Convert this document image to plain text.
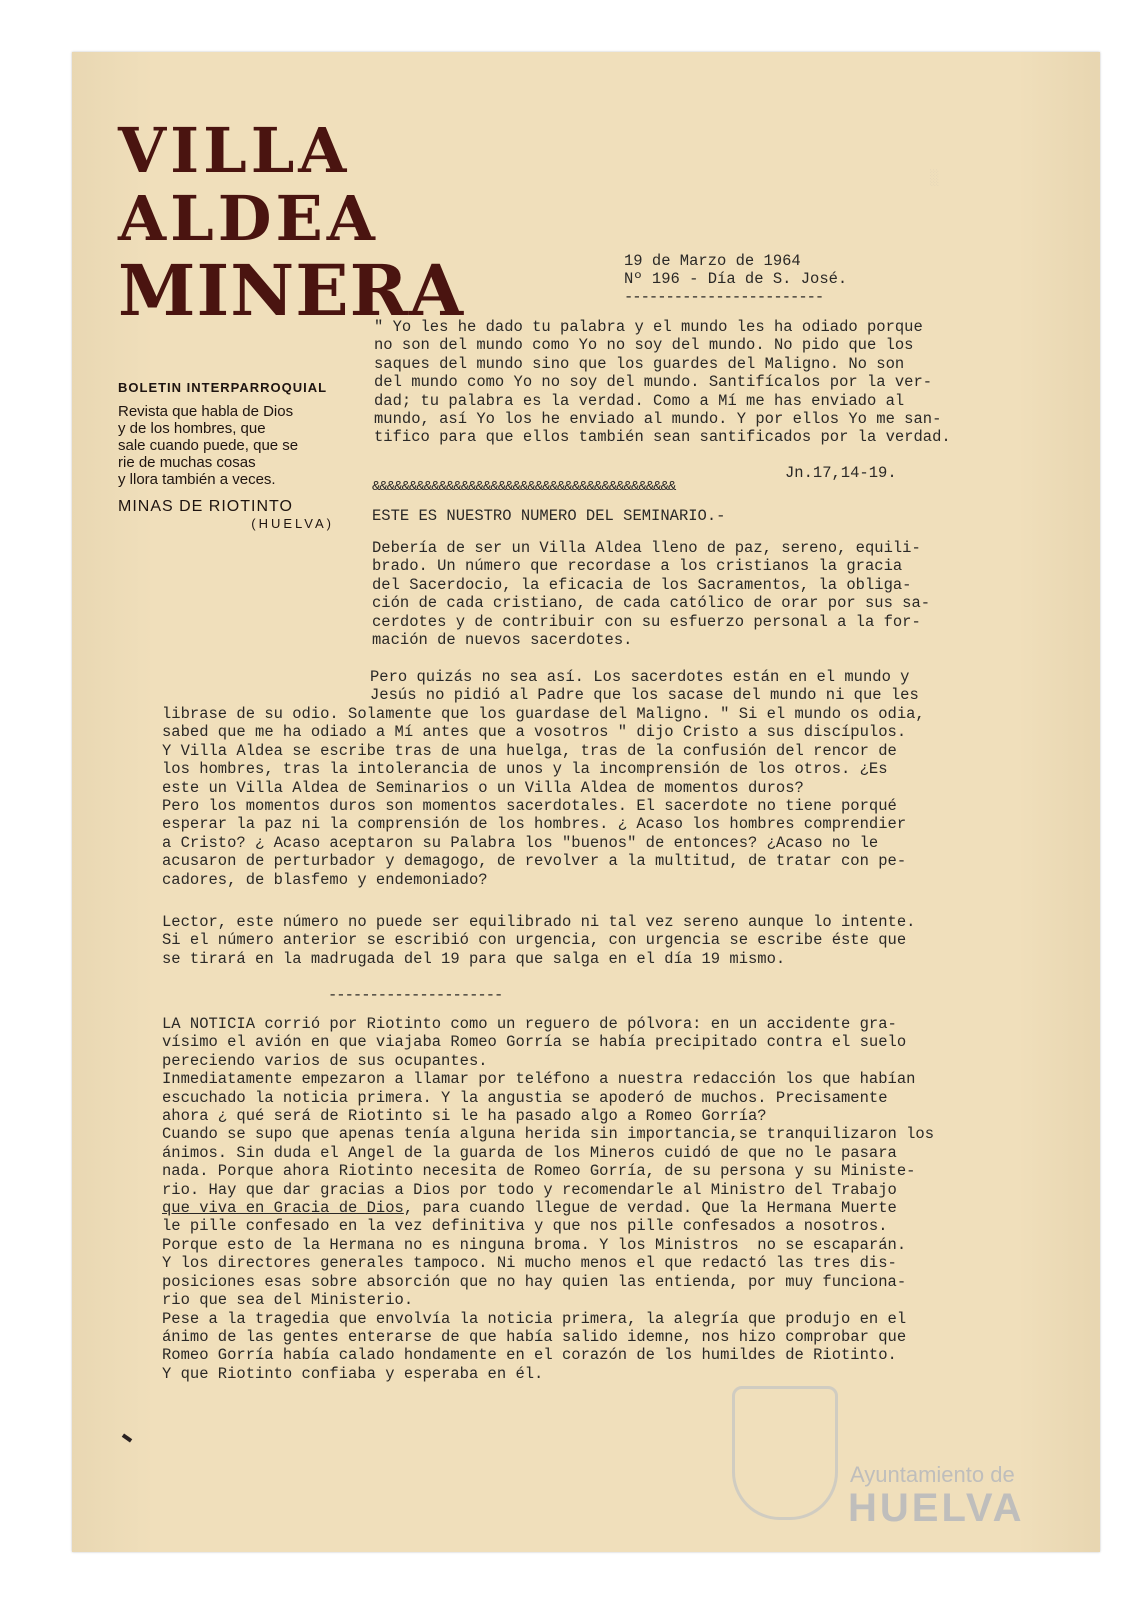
VILLA
ALDEA
MINERA
BOLETIN INTERPARROQUIAL
Revista que habla de Dios
y de los hombres, que
sale cuando puede, que se
rie de muchas cosas
y llora también a veces.
MINAS DE RIOTINTO
(HUELVA)
░
19 de Marzo de 1964
Nº 196 - Día de S. José.
------------------------
" Yo les he dado tu palabra y el mundo les ha odiado porque
no son del mundo como Yo no soy del mundo. No pido que los
saques del mundo sino que los guardes del Maligno. No son
del mundo como Yo no soy del mundo. Santifícalos por la ver-
dad; tu palabra es la verdad. Como a Mí me has enviado al
mundo, así Yo los he enviado al mundo. Y por ellos Yo me san-
tifico para que ellos también sean santificados por la verdad.
Jn.17,14-19.
&&&&&&&&&&&&&&&&&&&&&&&&&&&&&&&&&&&&&&&&&
ESTE ES NUESTRO NUMERO DEL SEMINARIO.-
Debería de ser un Villa Aldea lleno de paz, sereno, equili-
brado. Un número que recordase a los cristianos la gracia
del Sacerdocio, la eficacia de los Sacramentos, la obliga-
ción de cada cristiano, de cada católico de orar por sus sa-
cerdotes y de contribuir con su esfuerzo personal a la for-
mación de nuevos sacerdotes.
Pero quizás no sea así. Los sacerdotes están en el mundo y
Jesús no pidió al Padre que los sacase del mundo ni que les
librase de su odio. Solamente que los guardase del Maligno. " Si el mundo os odia,
sabed que me ha odiado a Mí antes que a vosotros " dijo Cristo a sus discípulos.
Y Villa Aldea se escribe tras de una huelga, tras de la confusión del rencor de
los hombres, tras la intolerancia de unos y la incomprensión de los otros. ¿Es
este un Villa Aldea de Seminarios o un Villa Aldea de momentos duros?
Pero los momentos duros son momentos sacerdotales. El sacerdote no tiene porqué
esperar la paz ni la comprensión de los hombres. ¿ Acaso los hombres comprendier
a Cristo? ¿ Acaso aceptaron su Palabra los "buenos" de entonces? ¿Acaso no le
acusaron de perturbador y demagogo, de revolver a la multitud, de tratar con pe-
cadores, de blasfemo y endemoniado?
Lector, este número no puede ser equilibrado ni tal vez sereno aunque lo intente.
Si el número anterior se escribió con urgencia, con urgencia se escribe éste que
se tirará en la madrugada del 19 para que salga en el día 19 mismo.
---------------------
LA NOTICIA corrió por Riotinto como un reguero de pólvora: en un accidente gra-
vísimo el avión en que viajaba Romeo Gorría se había precipitado contra el suelo
pereciendo varios de sus ocupantes.
Inmediatamente empezaron a llamar por teléfono a nuestra redacción los que habían
escuchado la noticia primera. Y la angustia se apoderó de muchos. Precisamente
ahora ¿ qué será de Riotinto si le ha pasado algo a Romeo Gorría?
Cuando se supo que apenas tenía alguna herida sin importancia,se tranquilizaron los
ánimos. Sin duda el Angel de la guarda de los Mineros cuidó de que no le pasara
nada. Porque ahora Riotinto necesita de Romeo Gorría, de su persona y su Ministe-
rio. Hay que dar gracias a Dios por todo y recomendarle al Ministro del Trabajo
que viva en Gracia de Dios, para cuando llegue de verdad. Que la Hermana Muerte
le pille confesado en la vez definitiva y que nos pille confesados a nosotros.
Porque esto de la Hermana no es ninguna broma. Y los Ministros  no se escaparán.
Y los directores generales tampoco. Ni mucho menos el que redactó las tres dis-
posiciones esas sobre absorción que no hay quien las entienda, por muy funciona-
rio que sea del Ministerio.
Pese a la tragedia que envolvía la noticia primera, la alegría que produjo en el
ánimo de las gentes enterarse de que había salido idemne, nos hizo comprobar que
Romeo Gorría había calado hondamente en el corazón de los humildes de Riotinto.
Y que Riotinto confiaba y esperaba en él.
Ayuntamiento de
HUELVA
